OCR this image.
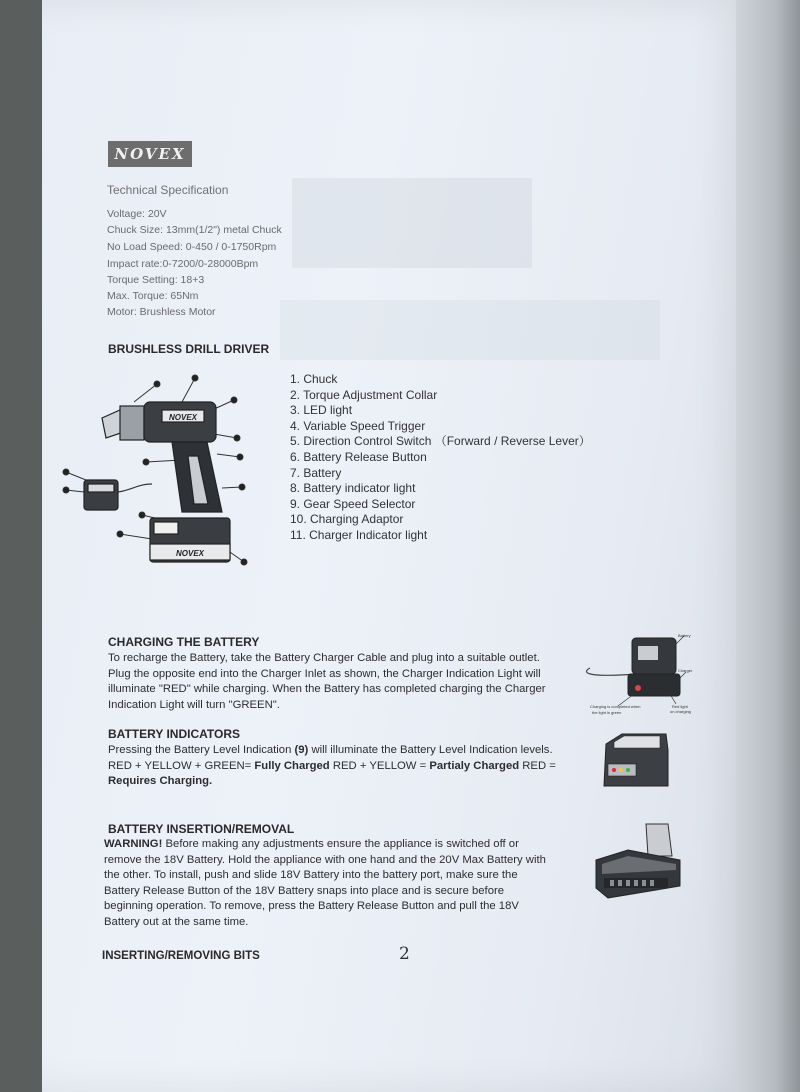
NOVEX
Technical Specification
Voltage: 20V
Chuck Size: 13mm(1/2") metal Chuck
No Load Speed: 0-450 / 0-1750Rpm
Impact rate:0-7200/0-28000Bpm
Torque Setting: 18+3
Max. Torque: 65Nm
Motor: Brushless Motor
BRUSHLESS DRILL DRIVER
NOVEX
NOVEX
1. Chuck
2. Torque Adjustment Collar
3. LED light
4. Variable Speed Trigger
5. Direction Control Switch （Forward / Reverse Lever）
6. Battery Release Button
7. Battery
8. Battery indicator light
9. Gear Speed Selector
10. Charging Adaptor
11. Charger Indicator light
CHARGING THE BATTERY
To recharge the Battery, take the Battery Charger Cable and plug into a suitable outlet.
Plug the opposite end into the Charger Inlet as shown, the Charger Indication Light will
illuminate "RED" while charging. When the Battery has completed charging the Charger
Indication Light will turn "GREEN".
Battery
Charger
Red light
on charging
Charging is completed when
the light is green
BATTERY INDICATORS
Pressing the Battery Level Indication (9) will illuminate the Battery Level Indication levels.
RED + YELLOW + GREEN= Fully Charged RED + YELLOW = Partialy Charged RED =
Requires Charging.
BATTERY INSERTION/REMOVAL
WARNING! Before making any adjustments ensure the appliance is switched off or
remove the 18V Battery. Hold the appliance with one hand and the 20V Max Battery with
the other. To install, push and slide 18V Battery into the battery port, make sure the
Battery Release Button of the 18V Battery snaps into place and is secure before
beginning operation. To remove, press the Battery Release Button and pull the 18V
Battery out at the same time.
INSERTING/REMOVING BITS	2
